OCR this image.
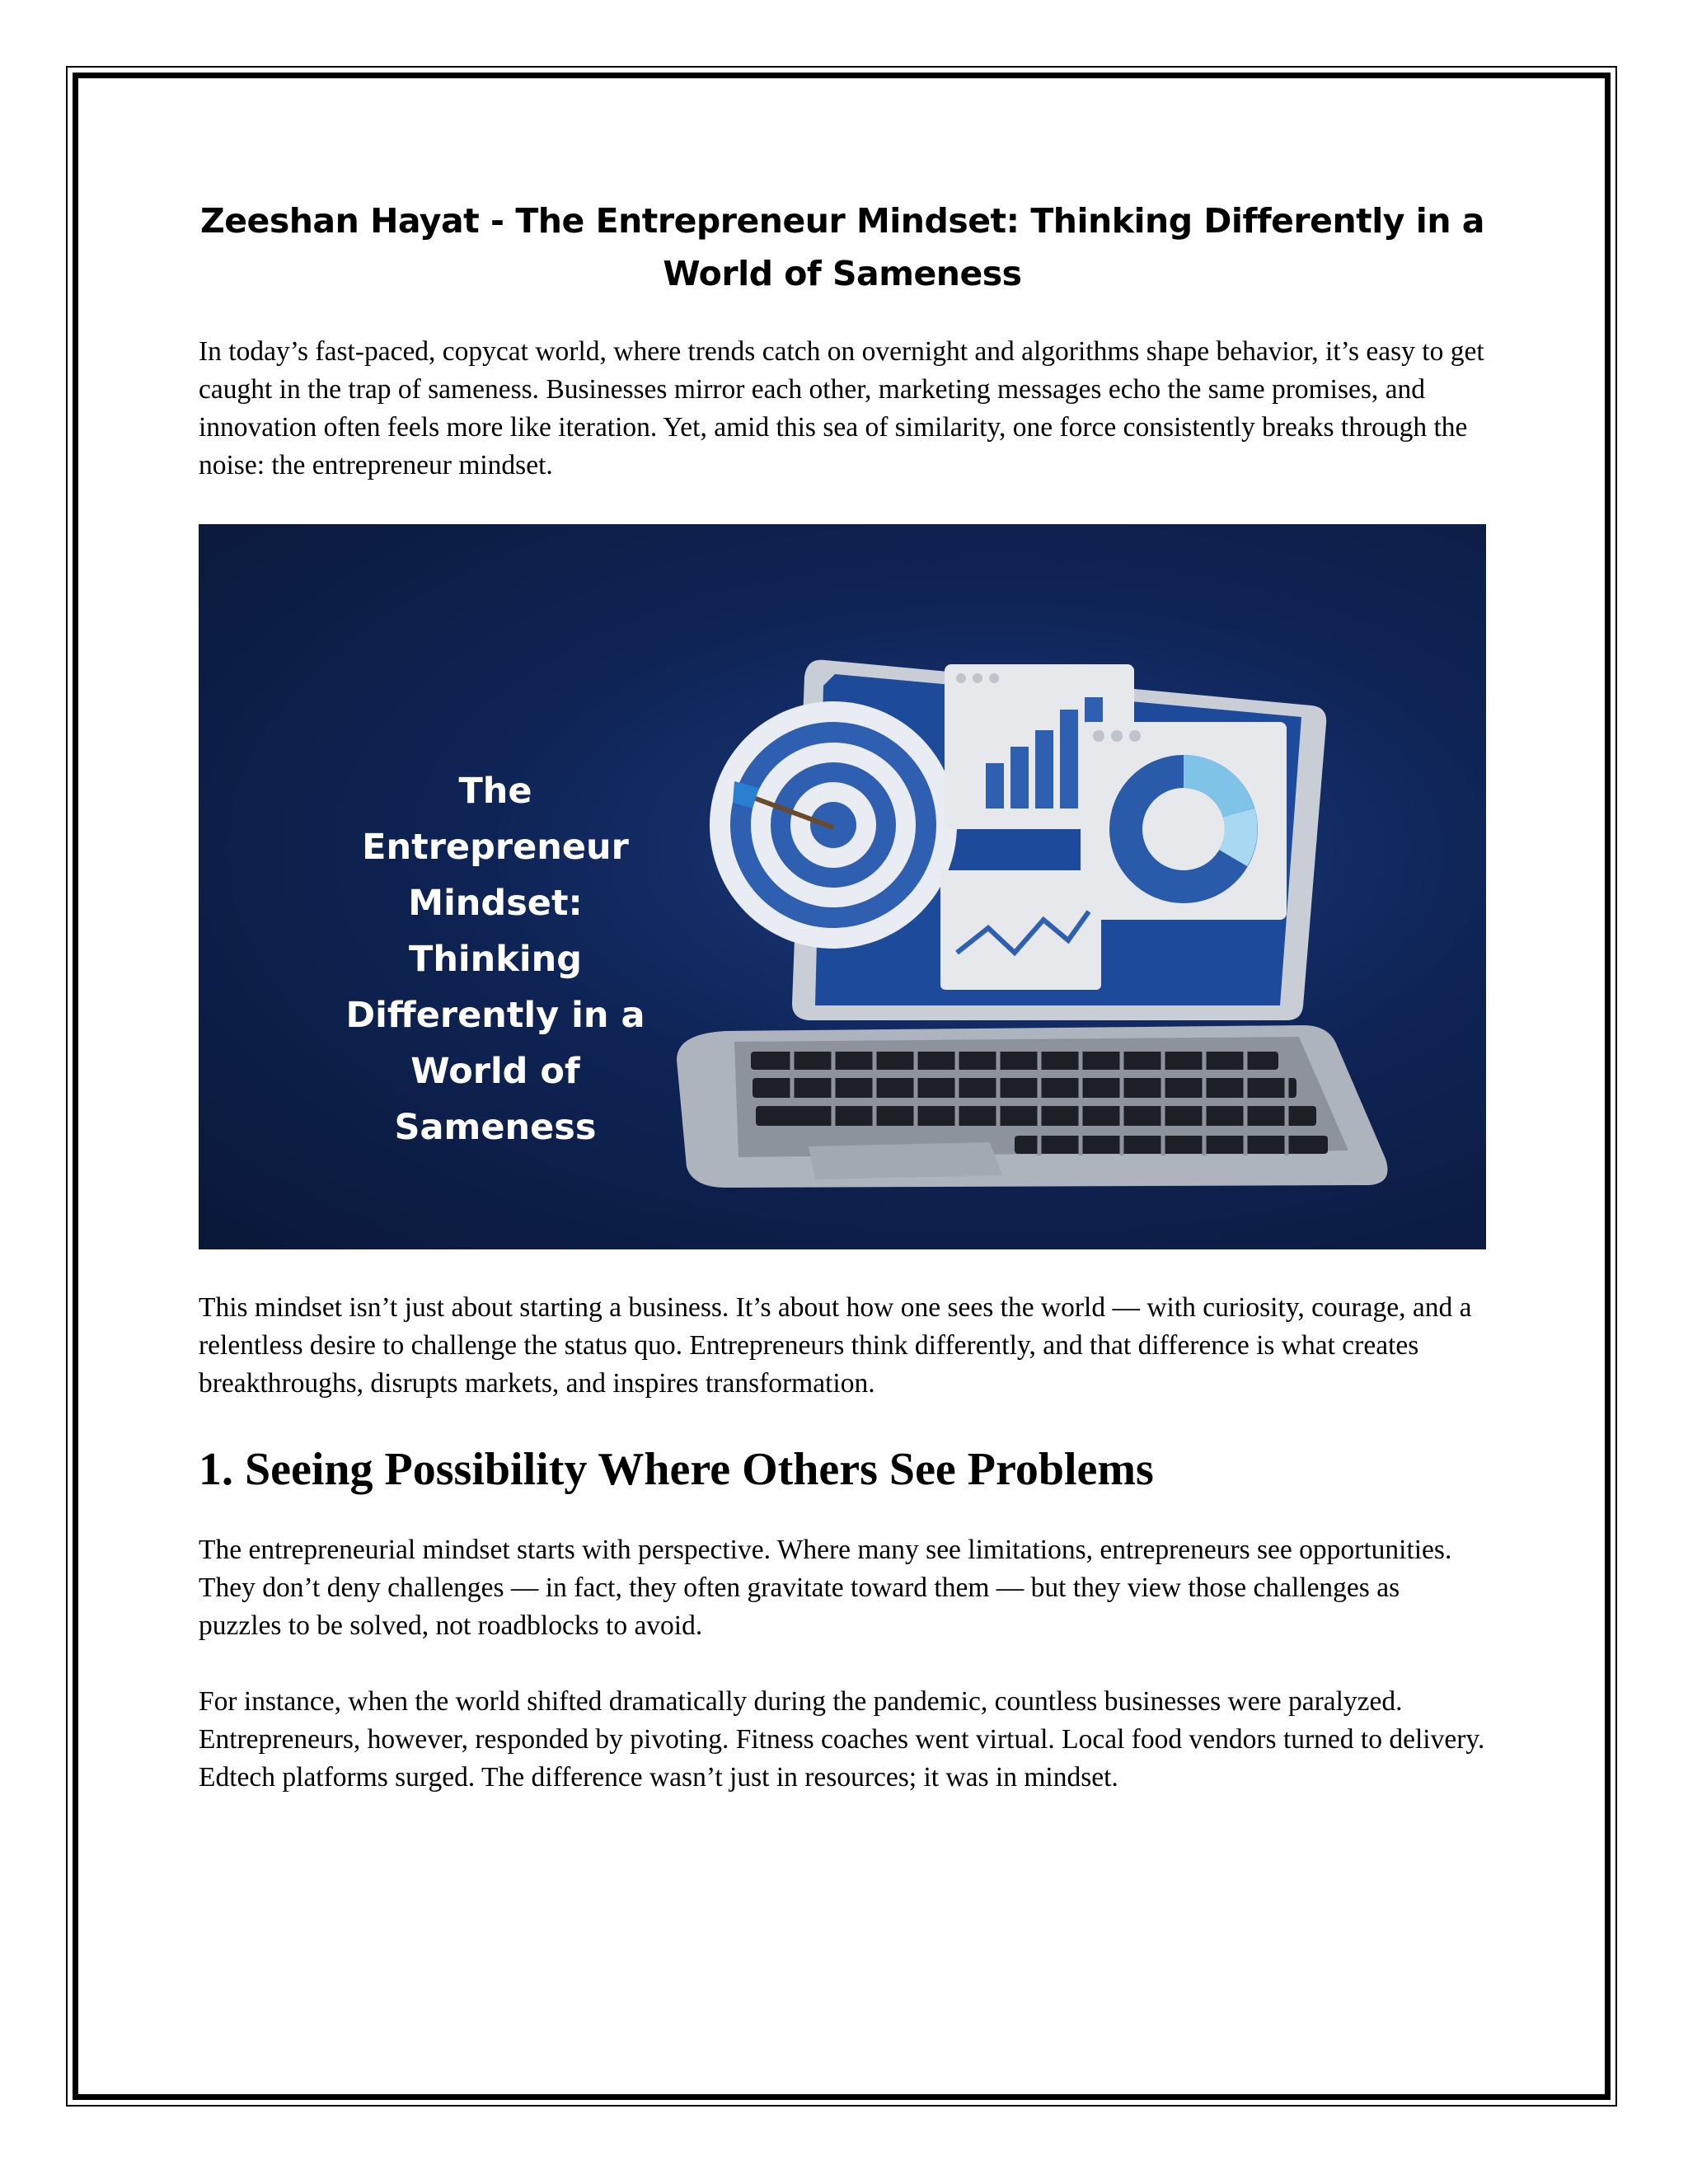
Zeeshan Hayat - The Entrepreneur Mindset: Thinking Differently in a World of Sameness

In today’s fast-paced, copycat world, where trends catch on overnight and algorithms shape behavior, it’s easy to get caught in the trap of sameness. Businesses mirror each other, marketing messages echo the same promises, and innovation often feels more like iteration. Yet, amid this sea of similarity, one force consistently breaks through the noise: the entrepreneur mindset.

The Entrepreneur Mindset: Thinking Differently in a World of Sameness

This mindset isn’t just about starting a business. It’s about how one sees the world — with curiosity, courage, and a relentless desire to challenge the status quo. Entrepreneurs think differently, and that difference is what creates breakthroughs, disrupts markets, and inspires transformation.

1. Seeing Possibility Where Others See Problems

The entrepreneurial mindset starts with perspective. Where many see limitations, entrepreneurs see opportunities. They don’t deny challenges — in fact, they often gravitate toward them — but they view those challenges as puzzles to be solved, not roadblocks to avoid.

For instance, when the world shifted dramatically during the pandemic, countless businesses were paralyzed. Entrepreneurs, however, responded by pivoting. Fitness coaches went virtual. Local food vendors turned to delivery. Edtech platforms surged. The difference wasn’t just in resources; it was in mindset.
